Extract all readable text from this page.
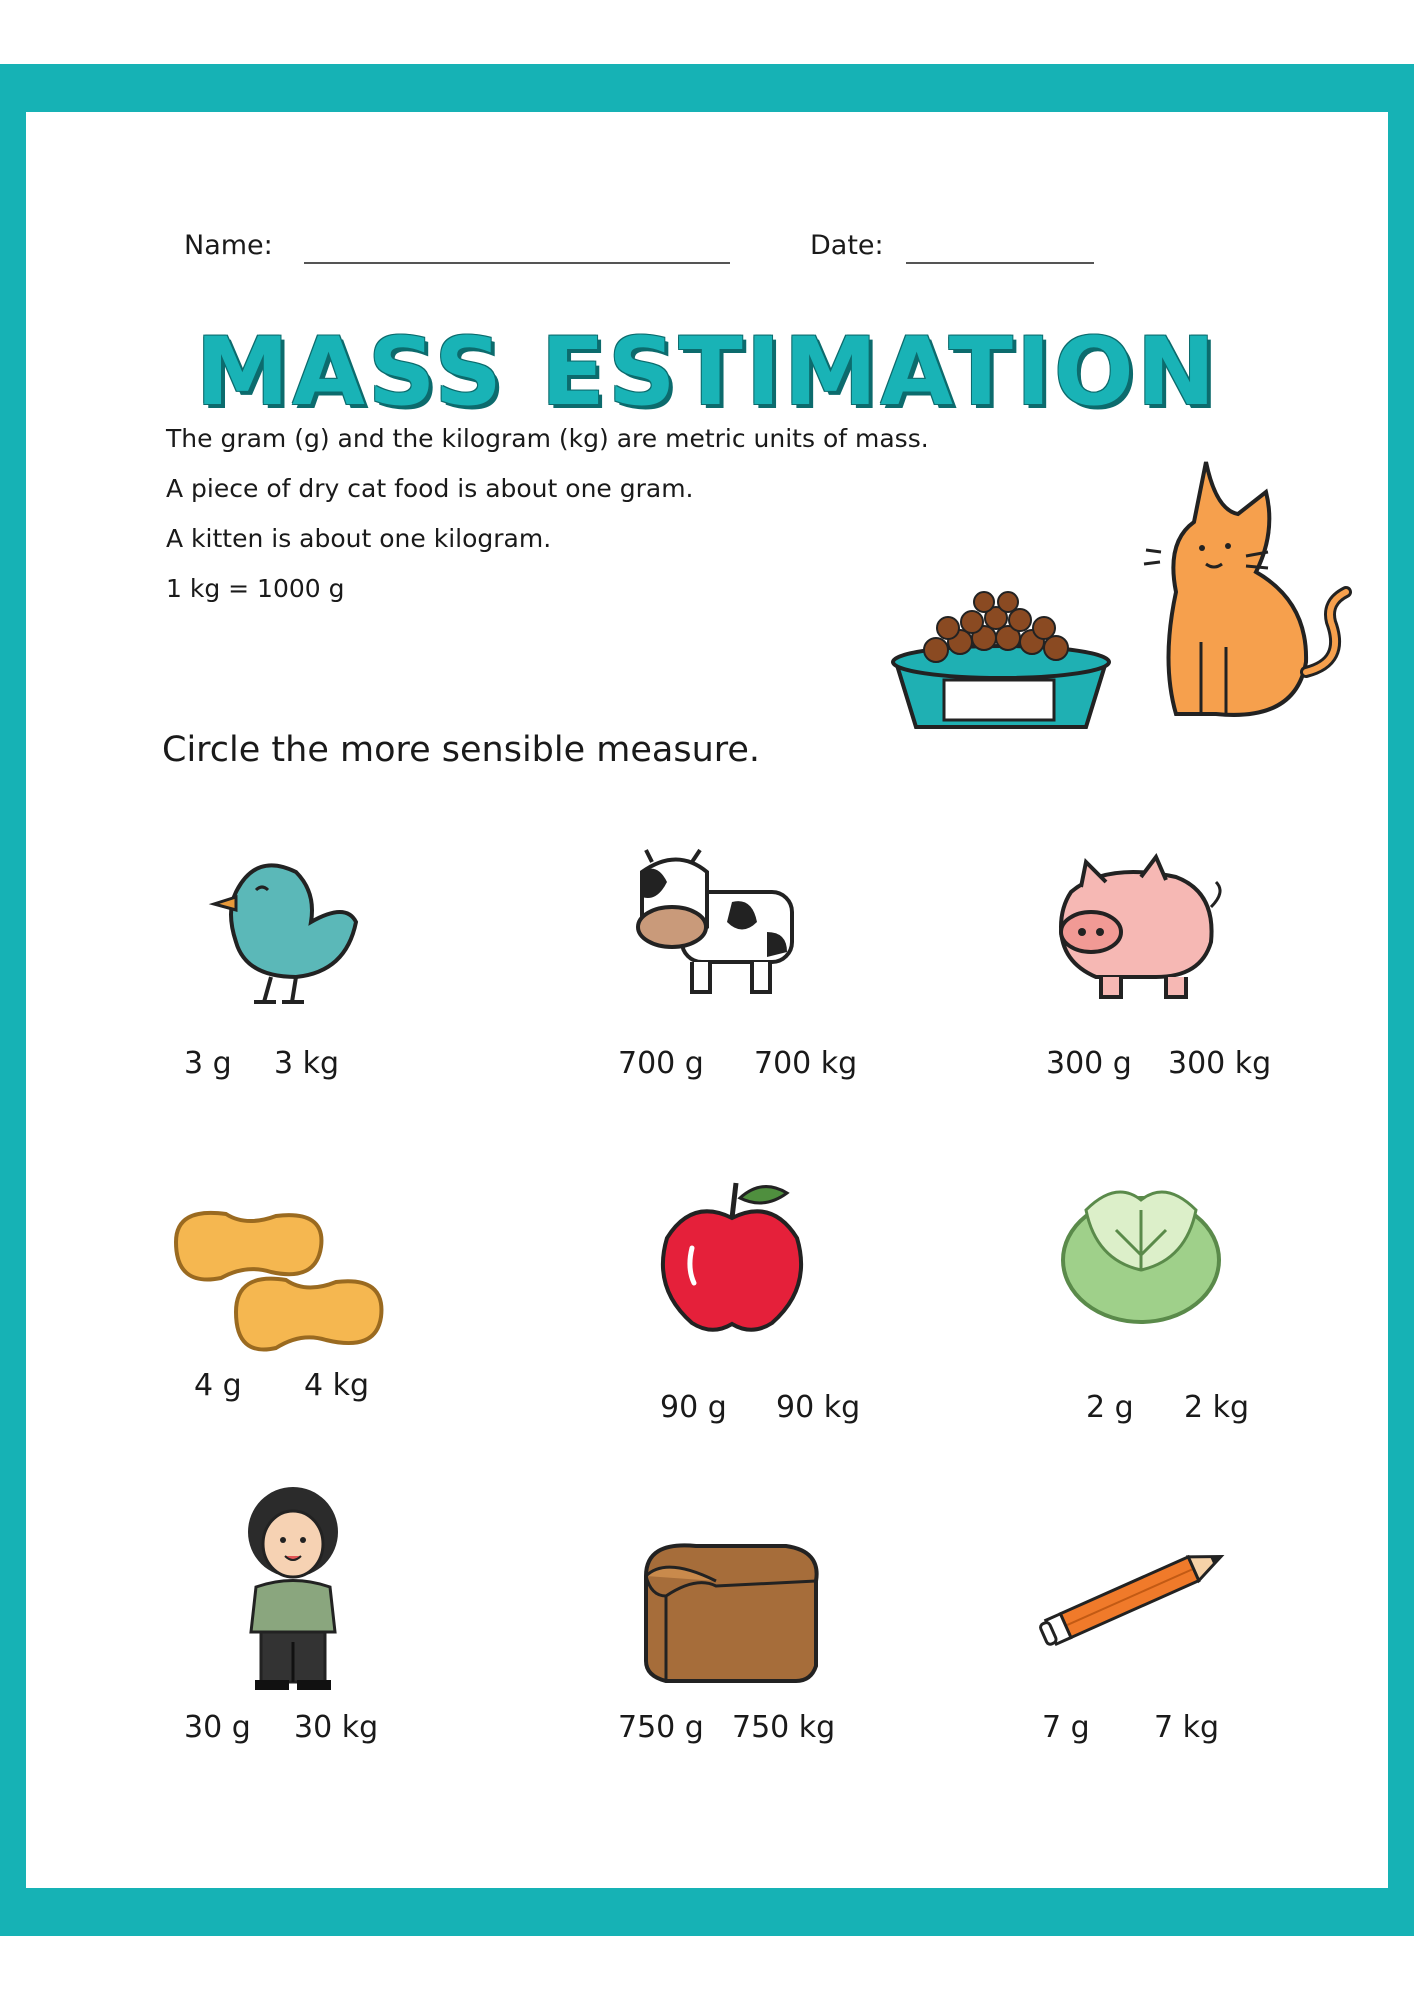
Name:	Date:
MASS ESTIMATION
The gram (g) and the kilogram (kg) are metric units of mass.
A piece of dry cat food is about one gram.
A kitten is about one kilogram.
1 kg = 1000 g
Circle the more sensible measure.
3 g 3 kg	700 g 700 kg	300 g 300 kg
4 g 4 kg
90 g 90 kg	2 g 2 kg
30 g 30 kg	750 g 750 kg	7 g 7 kg
